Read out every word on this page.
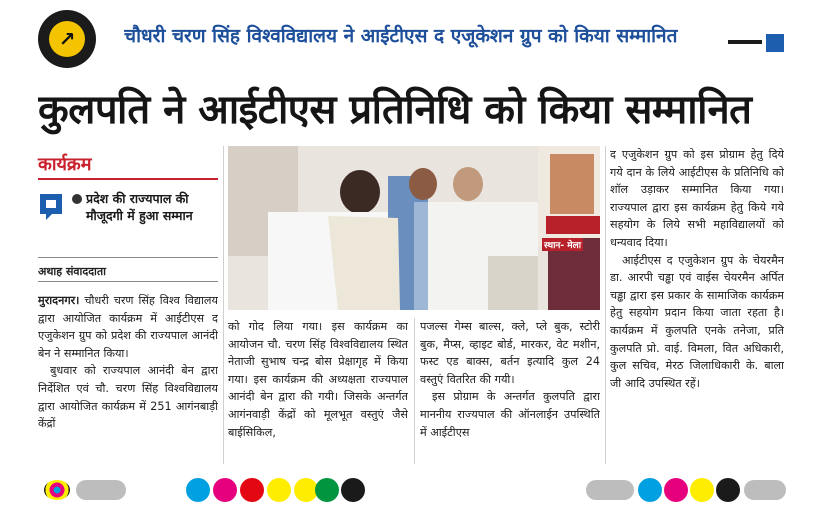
↗	चौधरी चरण सिंह विश्वविद्यालय ने आईटीएस द एजूकेशन ग्रुप को किया सम्मानित
कुलपति ने आईटीएस प्रतिनिधि को किया सम्मानित
कार्यक्रम
प्रदेश की राज्यपाल की मौजूदगी में हुआ सम्मान
अथाह संवाददाता

मुरादनगर। चौधरी चरण सिंह विश्व विद्यालय द्वारा आयोजित कार्यक्रम में आईटीएस द एजुकेशन ग्रुप को प्रदेश की राज्यपाल आनंदी बेन ने सम्मानित किया।

बुधवार को राज्यपाल आनंदी बेन द्वारा निर्देशित एवं चौ. चरण सिंह विश्वविद्यालय द्वारा आयोजित कार्यक्रम में 251 आगंनबाड़ी केंद्रों

स्थान- मेला

को गोद लिया गया। इस कार्यक्रम का आयोजन चौ. चरण सिंह विश्वविद्यालय स्थित नेताजी सुभाष चन्द्र बोस प्रेक्षागृह में किया गया। इस कार्यक्रम की अध्यक्षता राज्यपाल आनंदी बेन द्वारा की गयी। जिसके अन्तर्गत आगंनवाड़ी केंद्रों को मूलभूत वस्तुएं जैसे बाईसिकिल,

पजल्स गेम्स बाल्स, क्ले, प्ले बुक, स्टोरी बुक, मैप्स, व्हाइट बोर्ड, मारकर, वेट मशीन, फस्ट एड बाक्स, बर्तन इत्यादि कुल 24 वस्तुएं वितरित की गयी।

इस प्रोग्राम के अन्तर्गत कुलपति द्वारा माननीय राज्यपाल की ऑनलाईन उपस्थिति में आईटीएस

द एजुकेशन ग्रुप को इस प्रोग्राम हेतु दिये गये दान के लिये आईटीएस के प्रतिनिधि को शॉल उड़ाकर सम्मानित किया गया। राज्यपाल द्वारा इस कार्यक्रम हेतु किये गये सहयोग के लिये सभी महाविद्यालयों को धन्यवाद दिया।

आईटीएस द एजुकेशन ग्रुप के चेयरमैन डा. आरपी चड्ढा एवं वाईस चेयरमैन अर्पित चड्ढा द्वारा इस प्रकार के सामाजिक कार्यक्रम हेतु सहयोग प्रदान किया जाता रहता है। कार्यक्रम में कुलपति एनके तनेजा, प्रति कुलपति प्रो. वाई. विमला, वित अधिकारी, कुल सचिव, मेरठ जिलाधिकारी के. बाला जी आदि उपस्थित रहें।
